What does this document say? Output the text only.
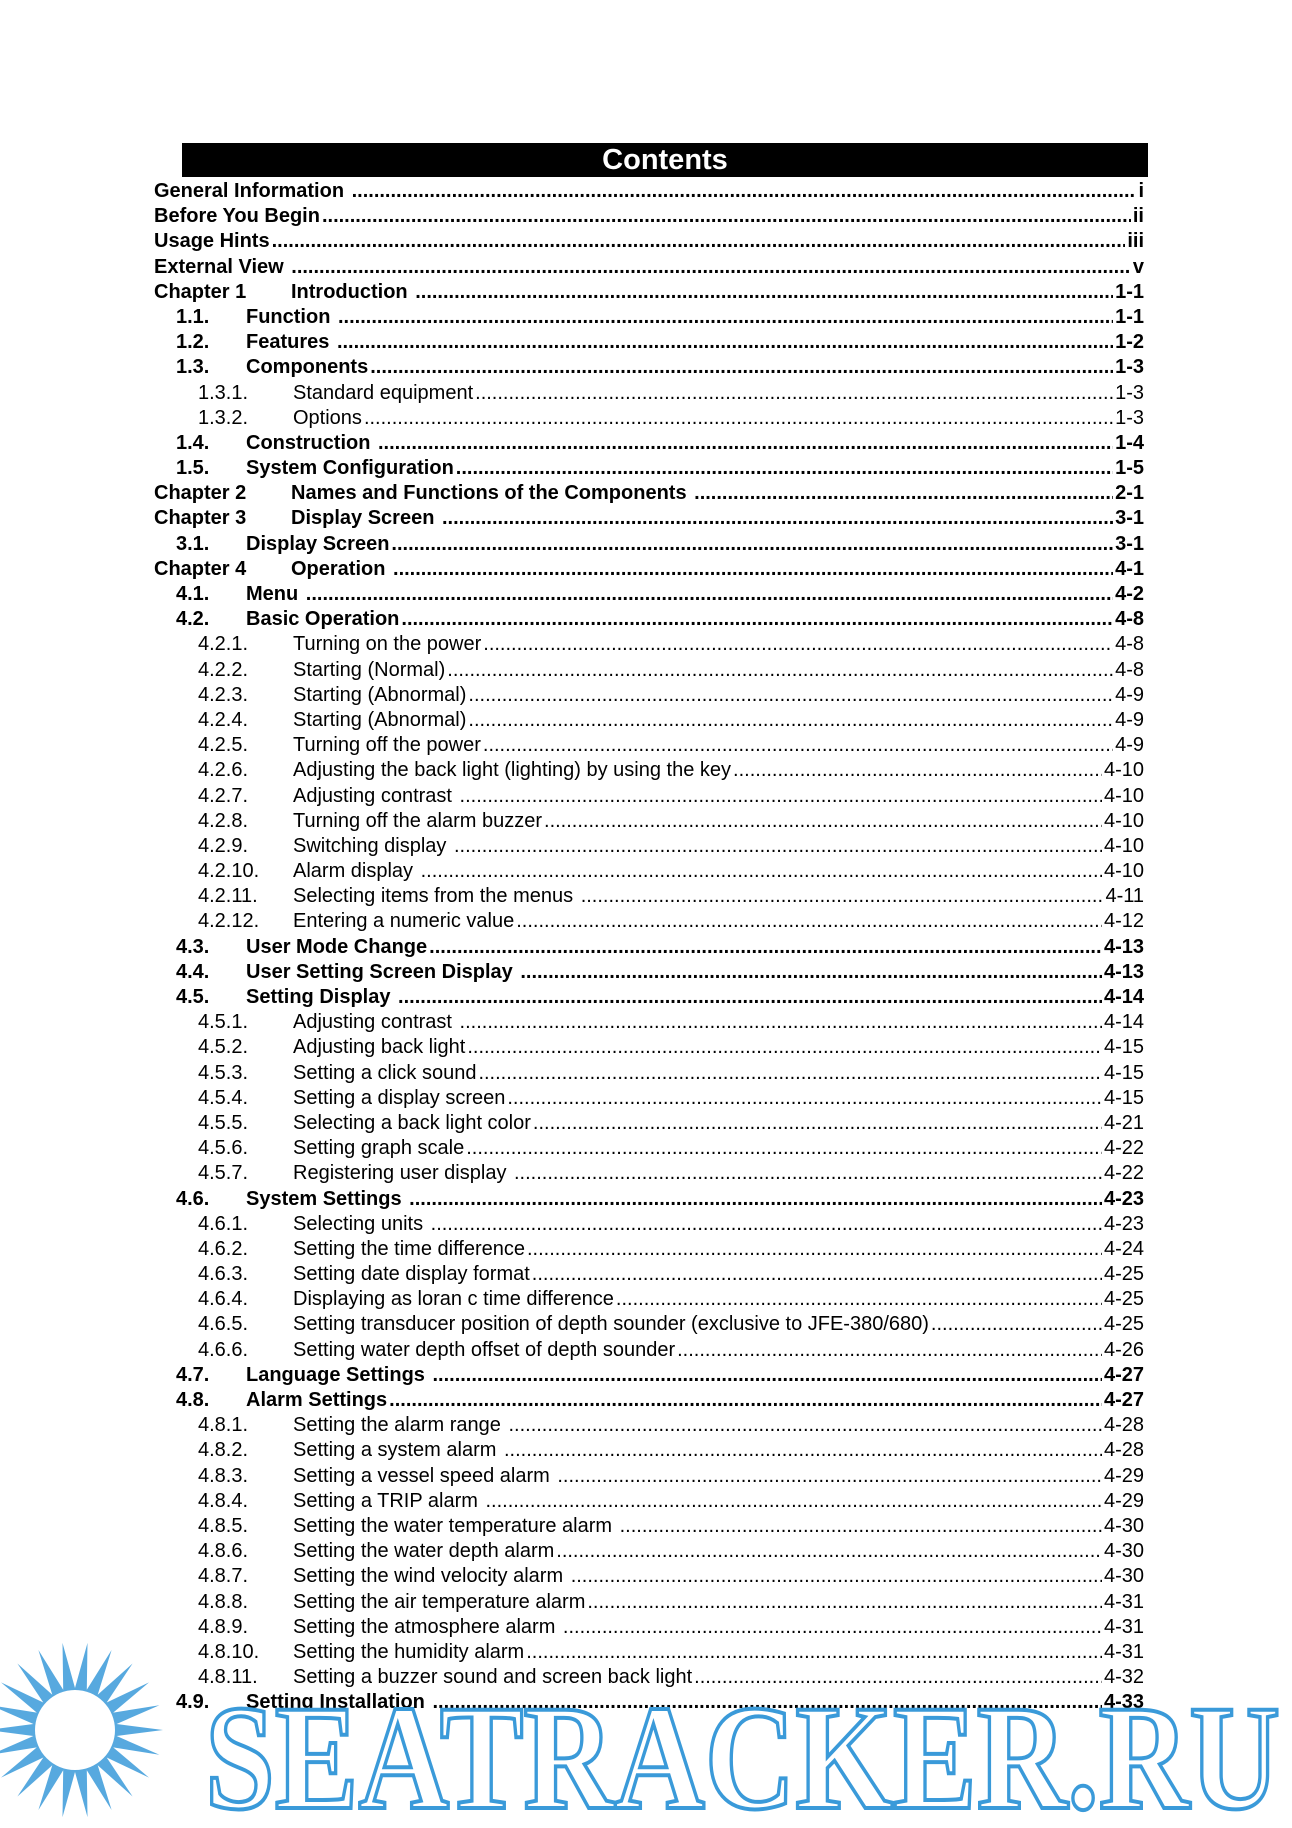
Contents
General Information .....	i
Before You Begin .....	ii
Usage Hints .....	iii
External View .....	v
Chapter 1	Introduction .....	1-1
1.1.	Function .....	1-1
1.2.	Features .....	1-2
1.3.	Components .....	1-3
1.3.1.	Standard equipment .....	1-3
1.3.2.	Options .....	1-3
1.4.	Construction .....	1-4
1.5.	System Configuration .....	1-5
Chapter 2	Names and Functions of the Components .....	2-1
Chapter 3	Display Screen .....	3-1
3.1.	Display Screen .....	3-1
Chapter 4	Operation .....	4-1
4.1.	Menu .....	4-2
4.2.	Basic Operation .....	4-8
4.2.1.	Turning on the power .....	4-8
4.2.2.	Starting (Normal) .....	4-8
4.2.3.	Starting (Abnormal) .....	4-9
4.2.4.	Starting (Abnormal) .....	4-9
4.2.5.	Turning off the power .....	4-9
4.2.6.	Adjusting the back light (lighting) by using the key .....	4-10
4.2.7.	Adjusting contrast .....	4-10
4.2.8.	Turning off the alarm buzzer .....	4-10
4.2.9.	Switching display .....	4-10
4.2.10.	Alarm display .....	4-10
4.2.11.	Selecting items from the menus .....	4-11
4.2.12.	Entering a numeric value .....	4-12
4.3.	User Mode Change .....	4-13
4.4.	User Setting Screen Display .....	4-13
4.5.	Setting Display .....	4-14
4.5.1.	Adjusting contrast .....	4-14
4.5.2.	Adjusting back light .....	4-15
4.5.3.	Setting a click sound .....	4-15
4.5.4.	Setting a display screen .....	4-15
4.5.5.	Selecting a back light color .....	4-21
4.5.6.	Setting graph scale .....	4-22
4.5.7.	Registering user display .....	4-22
4.6.	System Settings .....	4-23
4.6.1.	Selecting units .....	4-23
4.6.2.	Setting the time difference .....	4-24
4.6.3.	Setting date display format .....	4-25
4.6.4.	Displaying as loran c time difference .....	4-25
4.6.5.	Setting transducer position of depth sounder (exclusive to JFE-380/680) .....	4-25
4.6.6.	Setting water depth offset of depth sounder .....	4-26
4.7.	Language Settings .....	4-27
4.8.	Alarm Settings .....	4-27
4.8.1.	Setting the alarm range .....	4-28
4.8.2.	Setting a system alarm .....	4-28
4.8.3.	Setting a vessel speed alarm .....	4-29
4.8.4.	Setting a TRIP alarm .....	4-29
4.8.5.	Setting the water temperature alarm .....	4-30
4.8.6.	Setting the water depth alarm .....	4-30
4.8.7.	Setting the wind velocity alarm .....	4-30
4.8.8.	Setting the air temperature alarm .....	4-31
4.8.9.	Setting the atmosphere alarm .....	4-31
4.8.10.	Setting the humidity alarm .....	4-31
4.8.11.	Setting a buzzer sound and screen back light .....	4-32
4.9.	Setting Installation .....	4-33
SEATRACKER.RU
